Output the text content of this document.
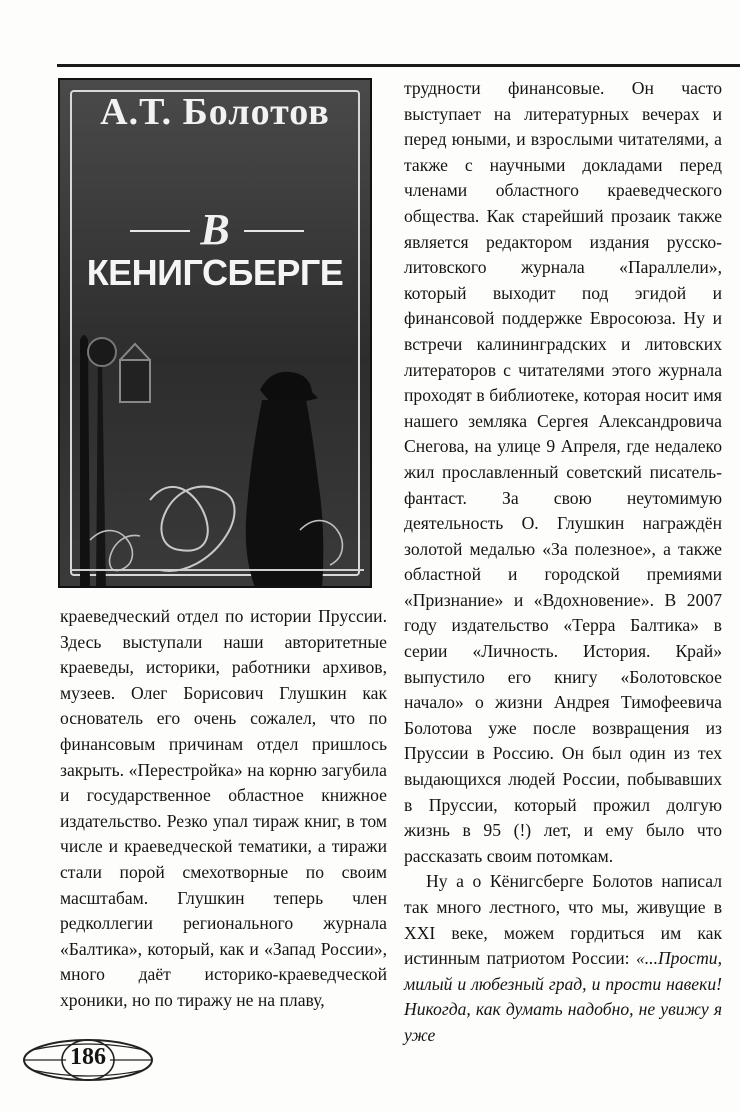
А.Т. Болотов
В
КЕНИГСБЕРГЕ

краеведческий отдел по истории Пруссии. Здесь выступали наши авторитетные краеведы, историки, работники архивов, музеев. Олег Борисович Глушкин как основатель его очень сожалел, что по финансовым причинам отдел пришлось закрыть. «Перестройка» на корню загубила и государственное областное книжное издательство. Резко упал тираж книг, в том числе и краеведческой тематики, а тиражи стали порой смехотворные по своим масштабам. Глушкин теперь член редколлегии регионального журнала «Балтика», который, как и «Запад России», много даёт историко-краеведческой хроники, но по тиражу не на плаву,

трудности финансовые. Он часто выступает на литературных вечерах и перед юными, и взрослыми читателями, а также с научными докладами перед членами областного краеведческого общества. Как старейший прозаик также является редактором издания русско-литовского журнала «Параллели», который выходит под эгидой и финансовой поддержке Евросоюза. Ну и встречи калининградских и литовских литераторов с читателями этого журнала проходят в библиотеке, которая носит имя нашего земляка Сергея Александровича Снегова, на улице 9 Апреля, где недалеко жил прославленный советский писатель-фантаст. За свою неутомимую деятельность О. Глушкин награждён золотой медалью «За полезное», а также областной и городской премиями «Признание» и «Вдохновение». В 2007 году издательство «Терра Балтика» в серии «Личность. История. Край» выпустило его книгу «Болотовское начало» о жизни Андрея Тимофеевича Болотова уже после возвращения из Пруссии в Россию. Он был один из тех выдающихся людей России, побывавших в Пруссии, который прожил долгую жизнь в 95 (!) лет, и ему было что рассказать своим потомкам.

Ну а о Кёнигсберге Болотов написал так много лестного, что мы, живущие в XXI веке, можем гордиться им как истинным патриотом России: «...Прости, милый и любезный град, и прости навеки! Никогда, как думать надобно, не увижу я уже

186
